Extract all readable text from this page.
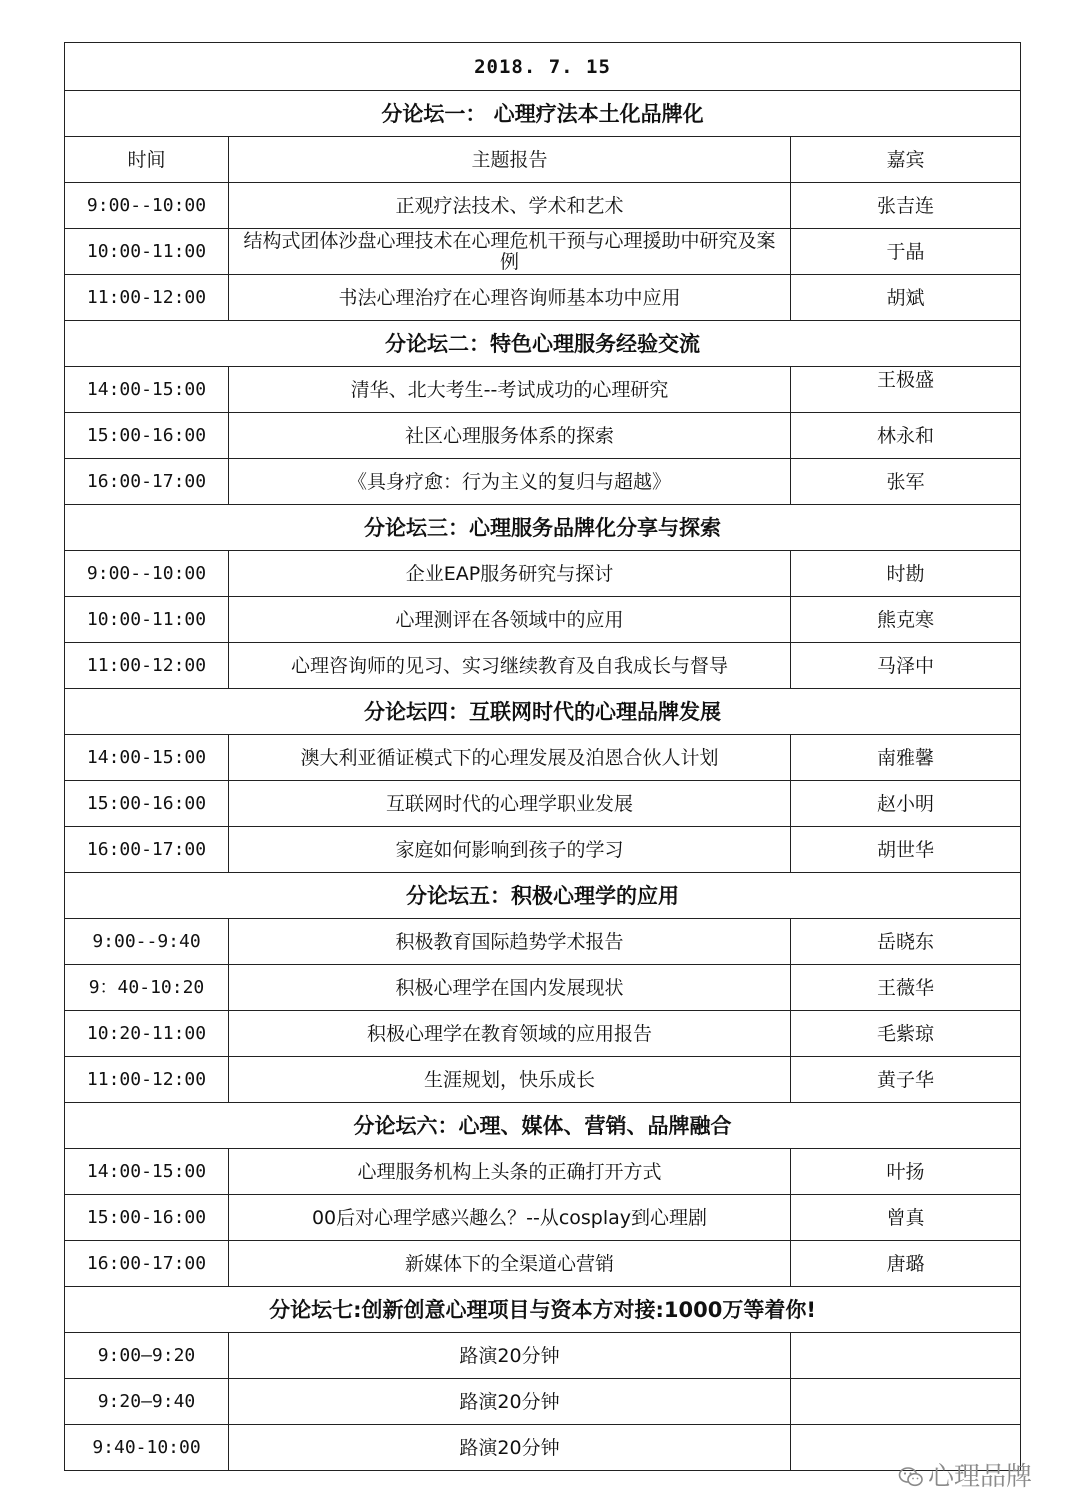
2018. 7. 15		
分论坛一： 心理疗法本土化品牌化		
时间	主题报告	嘉宾
9:00--10:00	正观疗法技术、学术和艺术	张吉连
10:00-11:00	结构式团体沙盘心理技术在心理危机干预与心理援助中研究及案例	于晶
11:00-12:00	书法心理治疗在心理咨询师基本功中应用	胡斌
分论坛二：特色心理服务经验交流		
14:00-15:00	清华、北大考生--考试成功的心理研究	王极盛
15:00-16:00	社区心理服务体系的探索	林永和
16:00-17:00	《具身疗愈：行为主义的复归与超越》	张军
分论坛三：心理服务品牌化分享与探索		
9:00--10:00	企业EAP服务研究与探讨	时勘
10:00-11:00	心理测评在各领域中的应用	熊克寒
11:00-12:00	心理咨询师的见习、实习继续教育及自我成长与督导	马泽中
分论坛四：互联网时代的心理品牌发展		
14:00-15:00	澳大利亚循证模式下的心理发展及泊恩合伙人计划	南雅馨
15:00-16:00	互联网时代的心理学职业发展	赵小明
16:00-17:00	家庭如何影响到孩子的学习	胡世华
分论坛五：积极心理学的应用		
9:00--9:40	积极教育国际趋势学术报告	岳晓东
9：40-10:20	积极心理学在国内发展现状	王薇华
10:20-11:00	积极心理学在教育领域的应用报告	毛紫琼
11:00-12:00	生涯规划，快乐成长	黄子华
分论坛六：心理、媒体、营销、品牌融合		
14:00-15:00	心理服务机构上头条的正确打开方式	叶扬
15:00-16:00	00后对心理学感兴趣么？--从cosplay到心理剧	曾真
16:00-17:00	新媒体下的全渠道心营销	唐璐
分论坛七:创新创意心理项目与资本方对接:1000万等着你!		
9:00—9:20	路演20分钟	
9:20—9:40	路演20分钟	
9:40-10:00	路演20分钟	
心理品牌
